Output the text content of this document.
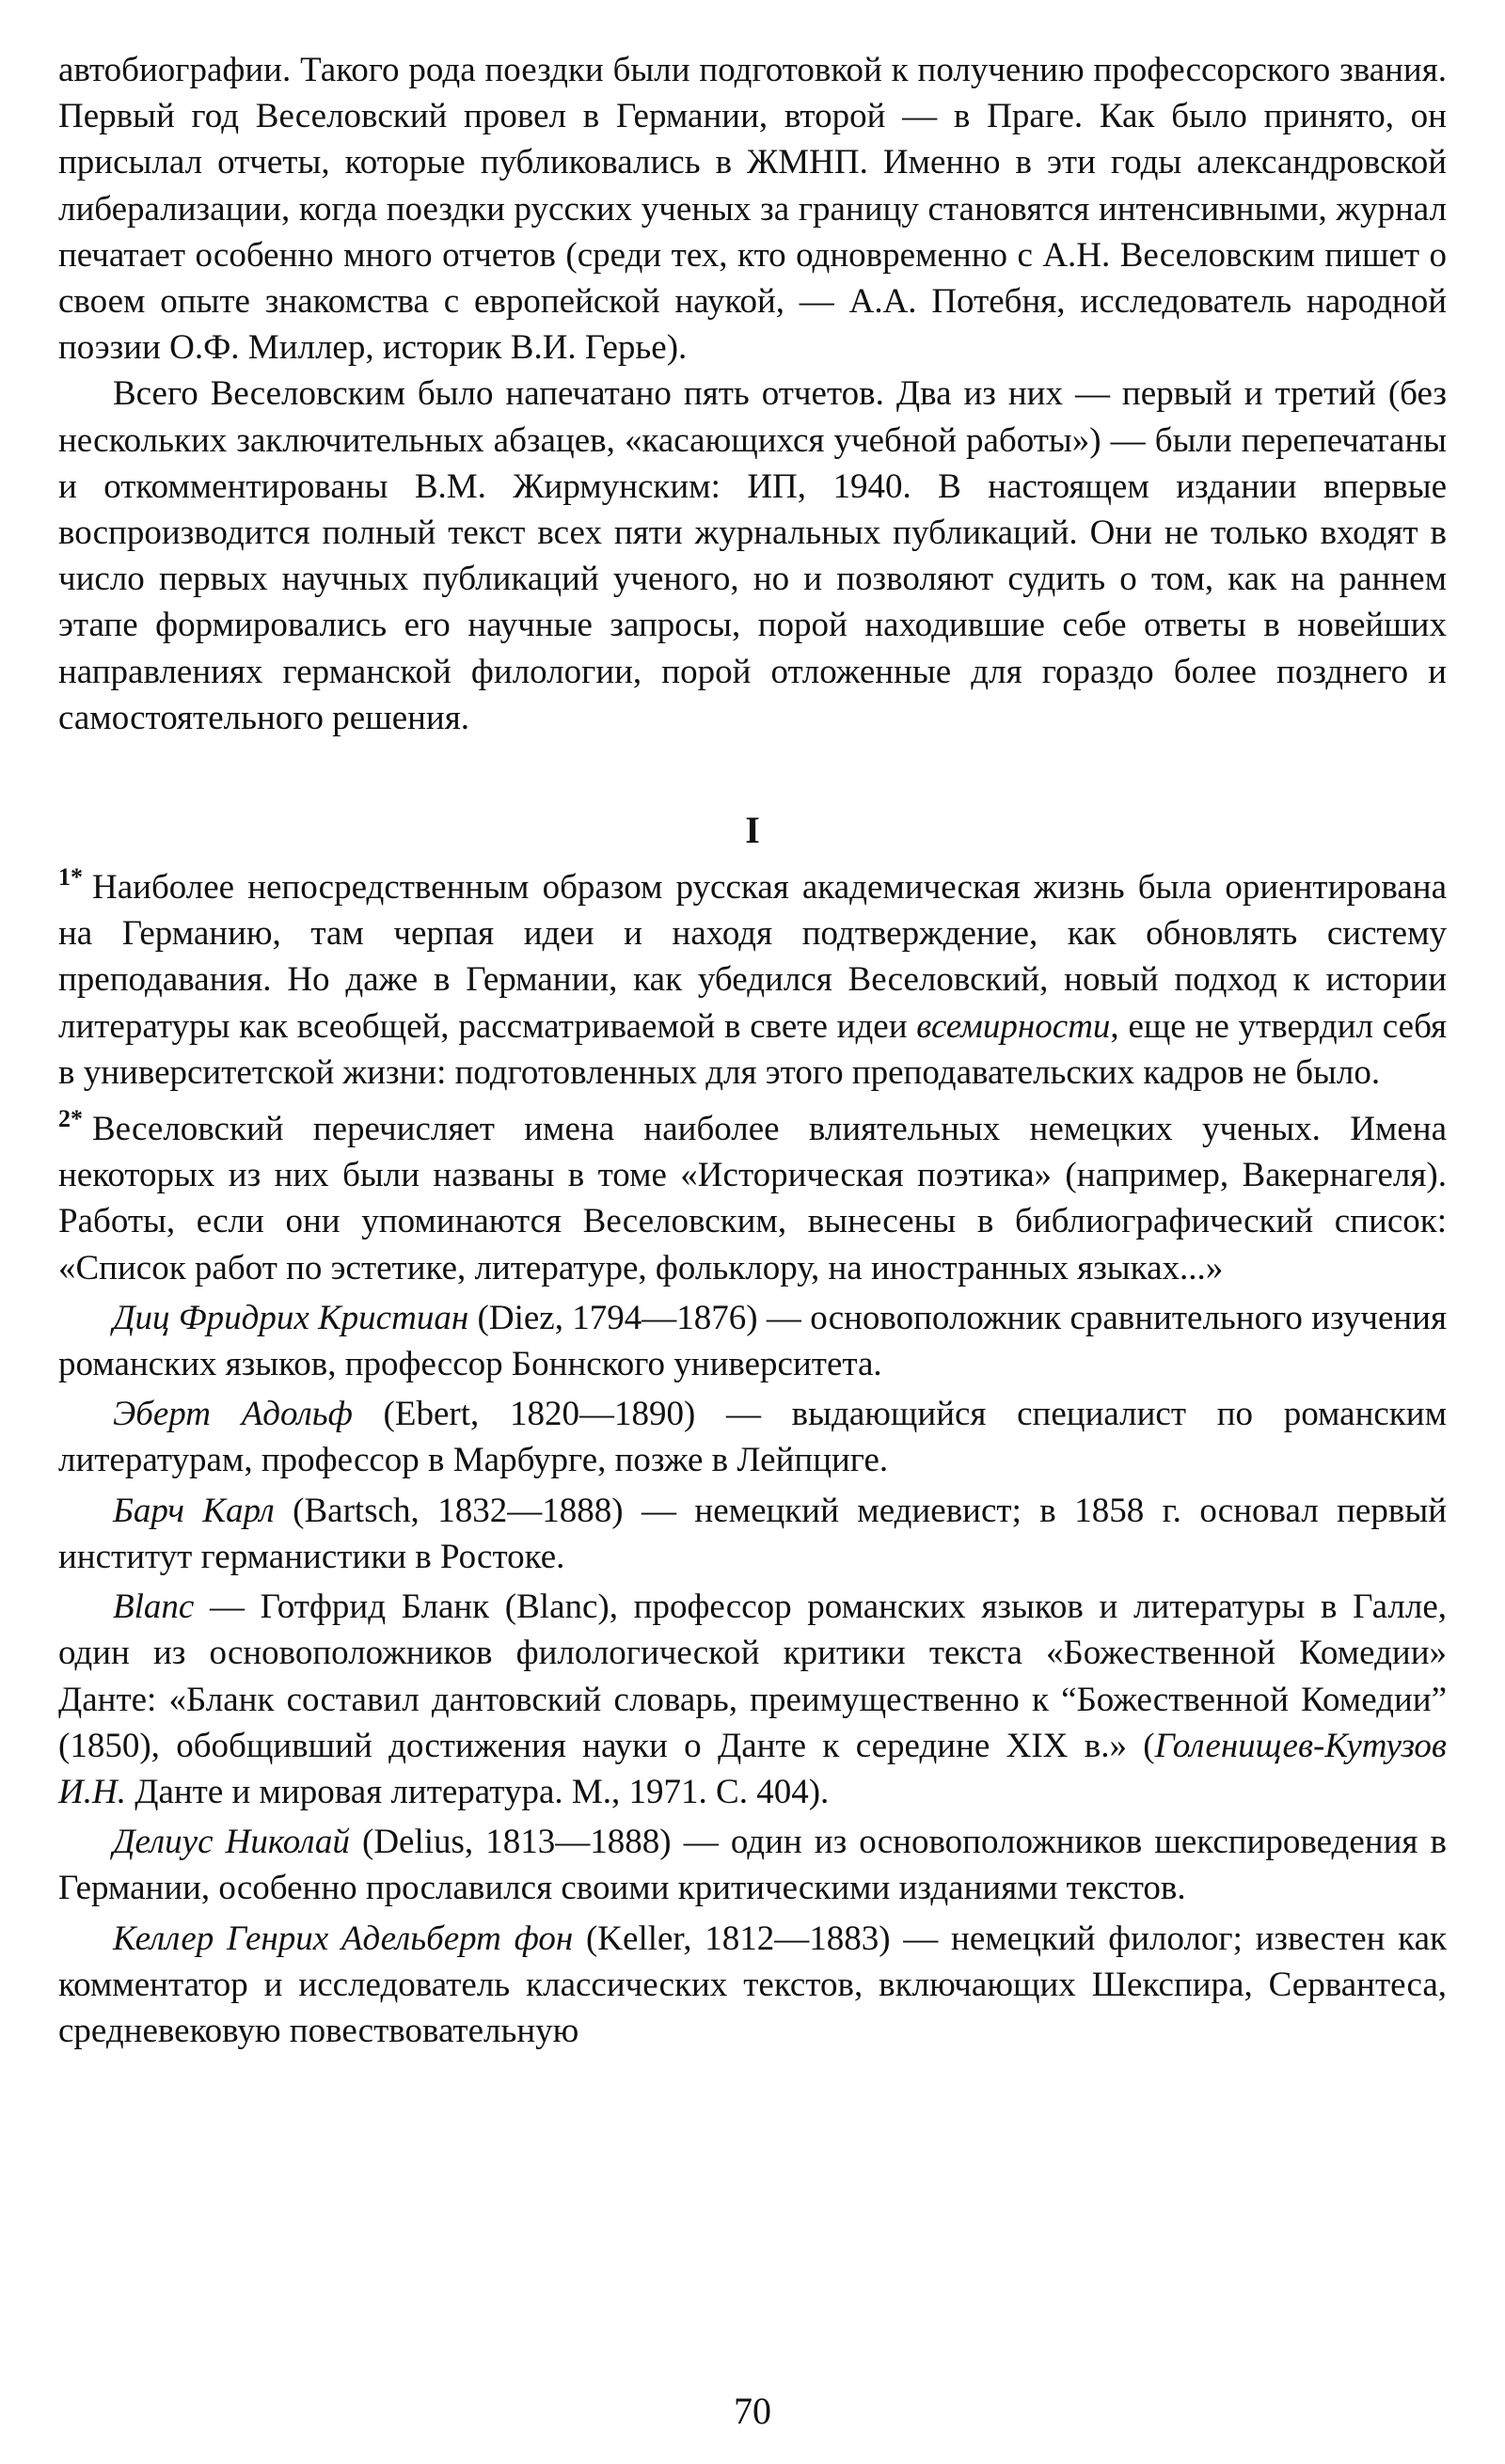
автобиографии. Такого рода поездки были подготовкой к получению профессорского звания. Первый год Веселовский провел в Германии, второй — в Праге. Как было принято, он присылал отчеты, которые публиковались в ЖМНП. Именно в эти годы александровской либерализации, когда поездки русских ученых за границу становятся интенсивными, журнал печатает особенно много отчетов (среди тех, кто одновременно с А.Н. Веселовским пишет о своем опыте знакомства с европейской наукой, — А.А. Потебня, исследователь народной поэзии О.Ф. Миллер, историк В.И. Герье).

Всего Веселовским было напечатано пять отчетов. Два из них — первый и третий (без нескольких заключительных абзацев, «касающихся учебной работы») — были перепечатаны и откомментированы В.М. Жирмунским: ИП, 1940. В настоящем издании впервые воспроизводится полный текст всех пяти журнальных публикаций. Они не только входят в число первых научных публикаций ученого, но и позволяют судить о том, как на раннем этапе формировались его научные запросы, порой находившие себе ответы в новейших направлениях германской филологии, порой отложенные для гораздо более позднего и самостоятельного решения.

I

$^{1*}$ Наиболее непосредственным образом русская академическая жизнь была ориентирована на Германию, там черпая идеи и находя подтверждение, как обновлять систему преподавания. Но даже в Германии, как убедился Веселовский, новый подход к истории литературы как всеобщей, рассматриваемой в свете идеи всемирности, еще не утвердил себя в университетской жизни: подготовленных для этого преподавательских кадров не было.

$^{2*}$ Веселовский перечисляет имена наиболее влиятельных немецких ученых. Имена некоторых из них были названы в томе «Историческая поэтика» (например, Вакернагеля). Работы, если они упоминаются Веселовским, вынесены в библиографический список: «Список работ по эстетике, литературе, фольклору, на иностранных языках...»

Диц Фридрих Кристиан (Diez, 1794—1876) — основоположник сравнительного изучения романских языков, профессор Боннского университета.

Эберт Адольф (Ebert, 1820—1890) — выдающийся специалист по романским литературам, профессор в Марбурге, позже в Лейпциге.

Барч Карл (Bartsch, 1832—1888) — немецкий медиевист; в 1858 г. основал первый институт германистики в Ростоке.

Blanc — Готфрид Бланк (Blanc), профессор романских языков и литературы в Галле, один из основоположников филологической критики текста «Божественной Комедии» Данте: «Бланк составил дантовский словарь, преимущественно к “Божественной Комедии” (1850), обобщивший достижения науки о Данте к середине XIX в.» (Голенищев-Кутузов И.Н. Данте и мировая литература. М., 1971. С. 404).

Делиус Николай (Delius, 1813—1888) — один из основоположников шекспироведения в Германии, особенно прославился своими критическими изданиями текстов.

Келлер Генрих Адельберт фон (Keller, 1812—1883) — немецкий филолог; известен как комментатор и исследователь классических текстов, включающих Шекспира, Сервантеса, средневековую повествовательную

70
